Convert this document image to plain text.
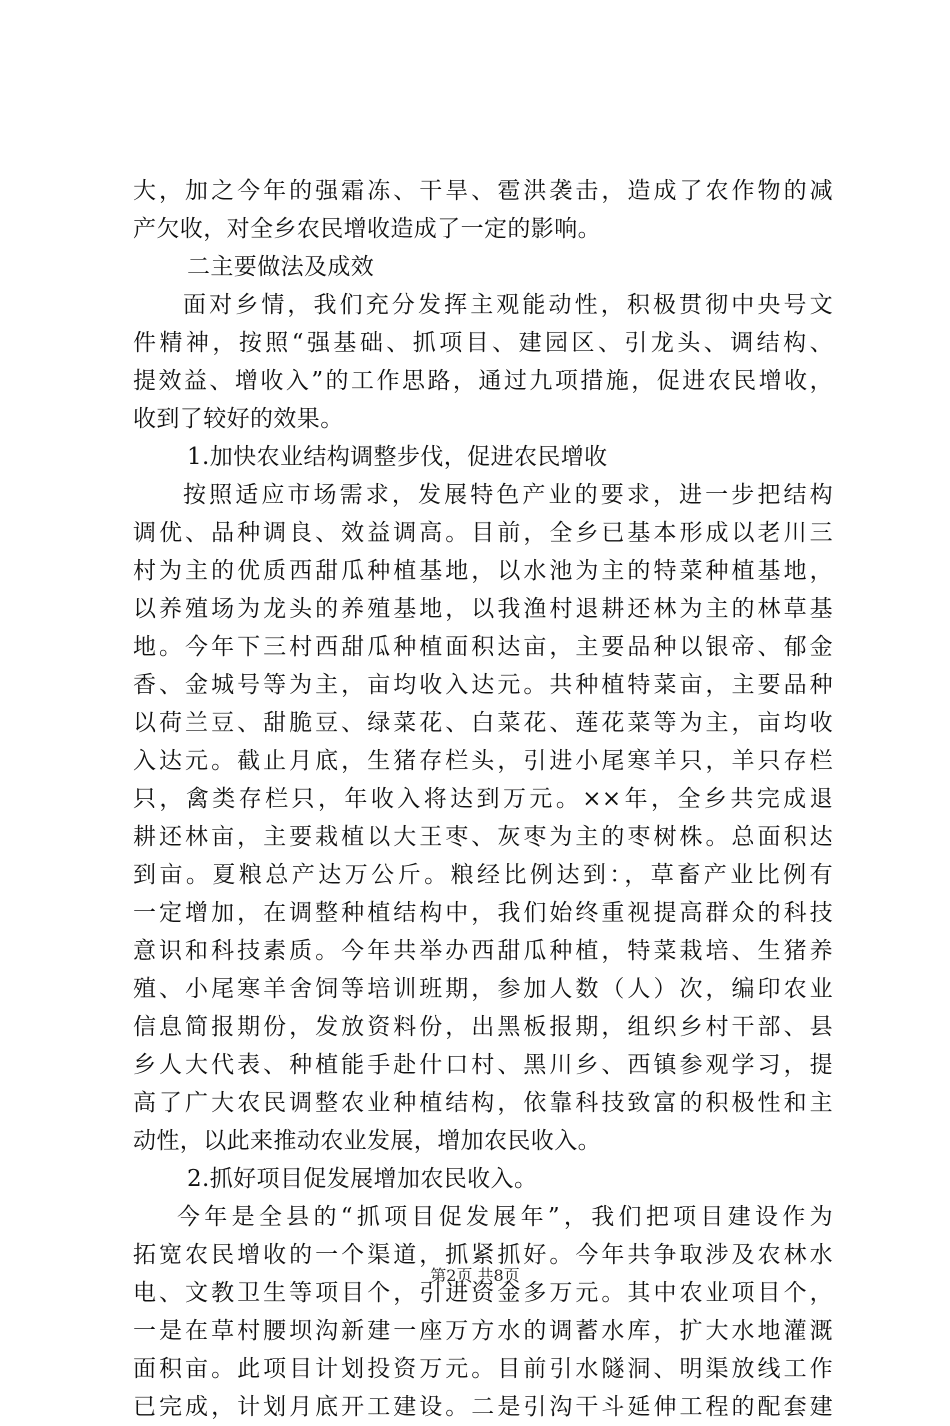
大，加之今年的强霜冻、干旱、雹洪袭击，造成了农作物的减
产欠收，对全乡农民增收造成了一定的影响。
二主要做法及成效
面对乡情，我们充分发挥主观能动性，积极贯彻中央号文
件精神，按照“强基础、抓项目、建园区、引龙头、调结构、
提效益、增收入”的工作思路，通过九项措施，促进农民增收，
收到了较好的效果。
1.加快农业结构调整步伐，促进农民增收
按照适应市场需求，发展特色产业的要求，进一步把结构
调优、品种调良、效益调高。目前，全乡已基本形成以老川三
村为主的优质西甜瓜种植基地，以水池为主的特菜种植基地，
以养殖场为龙头的养殖基地，以我渔村退耕还林为主的林草基
地。今年下三村西甜瓜种植面积达亩，主要品种以银帝、郁金
香、金城号等为主，亩均收入达元。共种植特菜亩，主要品种
以荷兰豆、甜脆豆、绿菜花、白菜花、莲花菜等为主，亩均收
入达元。截止月底，生猪存栏头，引进小尾寒羊只，羊只存栏
只，禽类存栏只，年收入将达到万元。××年，全乡共完成退
耕还林亩，主要栽植以大王枣、灰枣为主的枣树株。总面积达
到亩。夏粮总产达万公斤。粮经比例达到：，草畜产业比例有
一定增加，在调整种植结构中，我们始终重视提高群众的科技
意识和科技素质。今年共举办西甜瓜种植，特菜栽培、生猪养
殖、小尾寒羊舍饲等培训班期，参加人数（人）次，编印农业
信息简报期份，发放资料份，出黑板报期，组织乡村干部、县
乡人大代表、种植能手赴什口村、黑川乡、西镇参观学习，提
高了广大农民调整农业种植结构，依靠科技致富的积极性和主
动性，以此来推动农业发展，增加农民收入。
2.抓好项目促发展增加农民收入。
今年是全县的“抓项目促发展年”，我们把项目建设作为
拓宽农民增收的一个渠道，抓紧抓好。今年共争取涉及农林水
电、文教卫生等项目个，引进资金多万元。其中农业项目个，
一是在草村腰坝沟新建一座万方水的调蓄水库，扩大水地灌溉
面积亩。此项目计划投资万元。目前引水隧洞、明渠放线工作
已完成，计划月底开工建设。二是引沟干斗延伸工程的配套建
第2页 共8页
